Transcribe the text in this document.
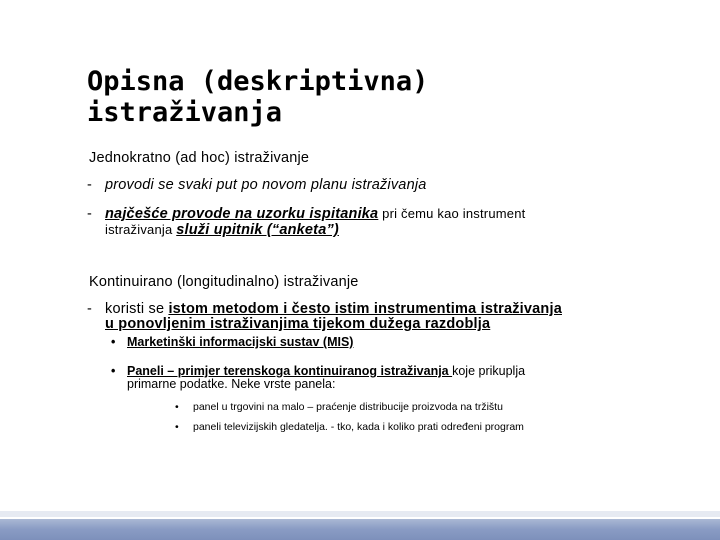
Opisna (deskriptivna)
istraživanja
Jednokratno (ad hoc) istraživanje
- provodi se svaki put po novom planu istraživanja
- najčešće provode na uzorku ispitanika pri čemu kao instrument
istraživanja služi upitnik (“anketa”)
Kontinuirano (longitudinalno) istraživanje
- koristi se istom metodom i često istim instrumentima istraživanja
u ponovljenim istraživanjima tijekom dužega razdoblja
• Marketinški informacijski sustav (MIS)
• Paneli – primjer terenskoga kontinuiranog istraživanja koje prikuplja
primarne podatke. Neke vrste panela:
• panel u trgovini na malo – praćenje distribucije proizvoda na tržištu
• paneli televizijskih gledatelja. - tko, kada i koliko prati određeni program
